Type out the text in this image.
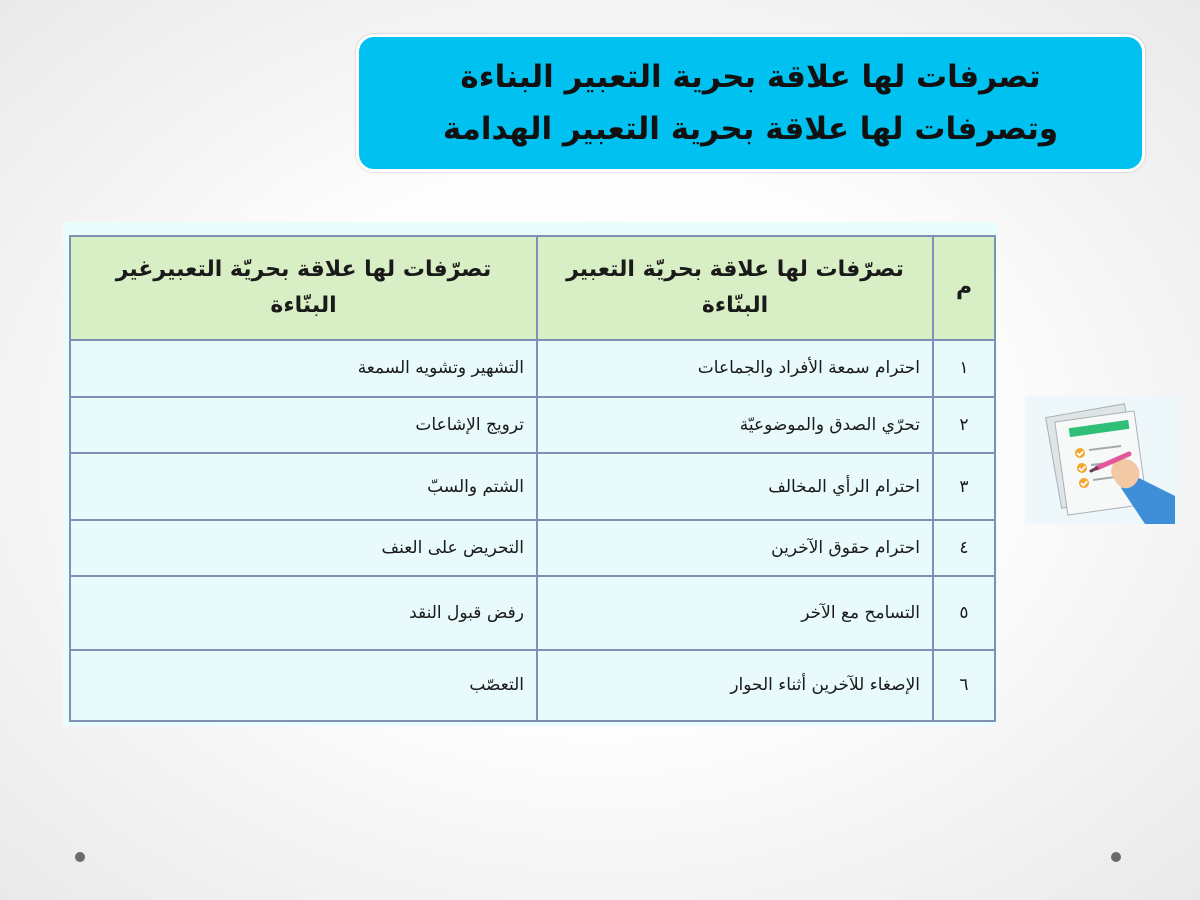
تصرفات لها علاقة بحرية التعبير البناءة
وتصرفات لها علاقة بحرية التعبير الهدامة
م	تصرّفات لها علاقة بحريّة التعبير البنّاءة	تصرّفات لها علاقة بحريّة التعبيرغير البنّاءة
١	احترام سمعة الأفراد والجماعات	التشهير وتشويه السمعة
٢	تحرّي الصدق والموضوعيّة	ترويج الإشاعات
٣	احترام الرأي المخالف	الشتم والسبّ
٤	احترام حقوق الآخرين	التحريض على العنف
٥	التسامح مع الآخر	رفض قبول النقد
٦	الإصغاء للآخرين أثناء الحوار	التعصّب
